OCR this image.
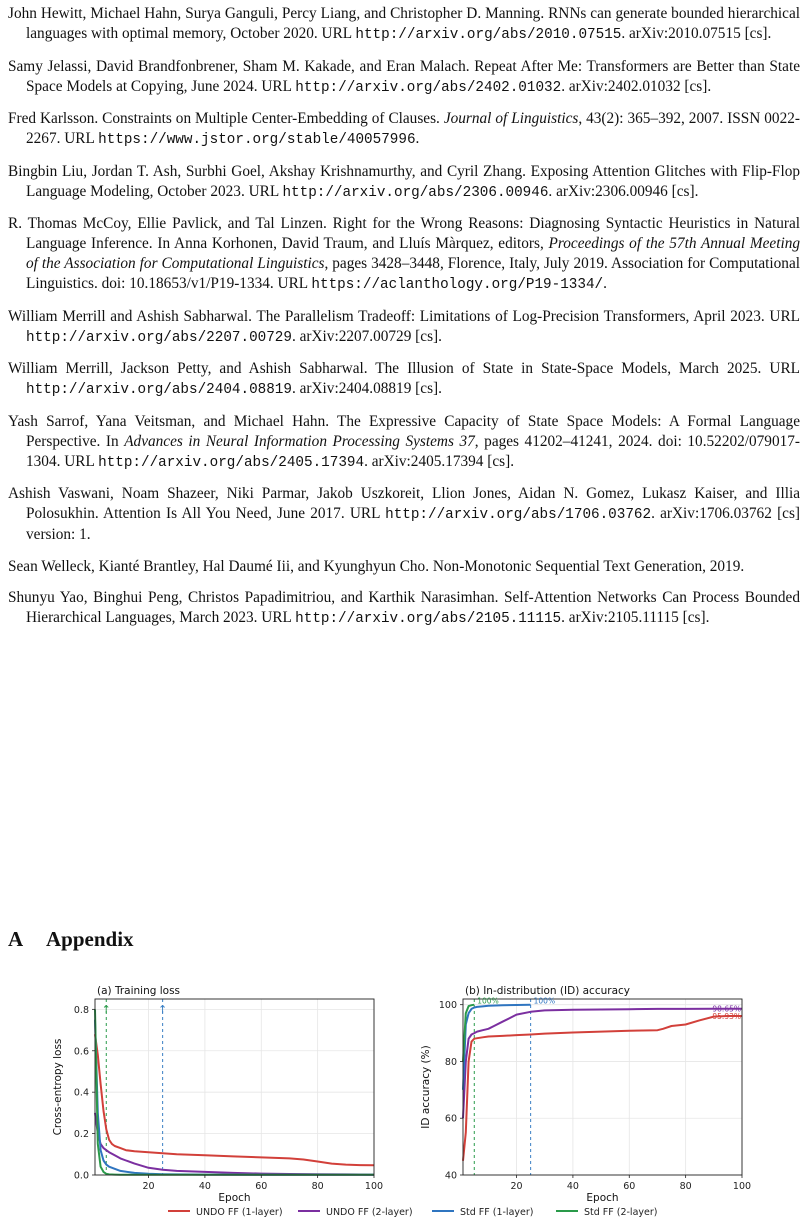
John Hewitt, Michael Hahn, Surya Ganguli, Percy Liang, and Christopher D. Manning. RNNs can generate bounded hierarchical languages with optimal memory, October 2020. URL http://arxiv.org/abs/2010.07515. arXiv:2010.07515 [cs].

Samy Jelassi, David Brandfonbrener, Sham M. Kakade, and Eran Malach. Repeat After Me: Transformers are Better than State Space Models at Copying, June 2024. URL http://arxiv.org/abs/2402.01032. arXiv:2402.01032 [cs].

Fred Karlsson. Constraints on Multiple Center-Embedding of Clauses. Journal of Linguistics, 43(2): 365–392, 2007. ISSN 0022-2267. URL https://www.jstor.org/stable/40057996.

Bingbin Liu, Jordan T. Ash, Surbhi Goel, Akshay Krishnamurthy, and Cyril Zhang. Exposing Attention Glitches with Flip-Flop Language Modeling, October 2023. URL http://arxiv.org/abs/2306.00946. arXiv:2306.00946 [cs].

R. Thomas McCoy, Ellie Pavlick, and Tal Linzen. Right for the Wrong Reasons: Diagnosing Syntactic Heuristics in Natural Language Inference. In Anna Korhonen, David Traum, and Lluís Màrquez, editors, Proceedings of the 57th Annual Meeting of the Association for Computational Linguistics, pages 3428–3448, Florence, Italy, July 2019. Association for Computational Linguistics. doi: 10.18653/v1/P19-1334. URL https://aclanthology.org/P19-1334/.

William Merrill and Ashish Sabharwal. The Parallelism Tradeoff: Limitations of Log-Precision Transformers, April 2023. URL http://arxiv.org/abs/2207.00729. arXiv:2207.00729 [cs].

William Merrill, Jackson Petty, and Ashish Sabharwal. The Illusion of State in State-Space Models, March 2025. URL http://arxiv.org/abs/2404.08819. arXiv:2404.08819 [cs].

Yash Sarrof, Yana Veitsman, and Michael Hahn. The Expressive Capacity of State Space Models: A Formal Language Perspective. In Advances in Neural Information Processing Systems 37, pages 41202–41241, 2024. doi: 10.52202/079017-1304. URL http://arxiv.org/abs/2405.17394. arXiv:2405.17394 [cs].

Ashish Vaswani, Noam Shazeer, Niki Parmar, Jakob Uszkoreit, Llion Jones, Aidan N. Gomez, Lukasz Kaiser, and Illia Polosukhin. Attention Is All You Need, June 2017. URL http://arxiv.org/abs/1706.03762. arXiv:1706.03762 [cs] version: 1.

Sean Welleck, Kianté Brantley, Hal Daumé Iii, and Kyunghyun Cho. Non-Monotonic Sequential Text Generation, 2019.

Shunyu Yao, Binghui Peng, Christos Papadimitriou, and Karthik Narasimhan. Self-Attention Networks Can Process Bounded Hierarchical Languages, March 2023. URL http://arxiv.org/abs/2105.11115. arXiv:2105.11115 [cs].

A Appendix
20	40	60	80	100
0.0
0.2
0.4
0.6
0.8
(a) Training loss
Epoch
Cross-entropy loss
↑	↑
20	40	60	80	100
40
60
80
100
(b) In-distribution (ID) accuracy
Epoch
ID accuracy (%)
100%	100%
98.65%
95.93%
UNDO FF (1-layer)	UNDO FF (2-layer)	Std FF (1-layer)	Std FF (2-layer)
